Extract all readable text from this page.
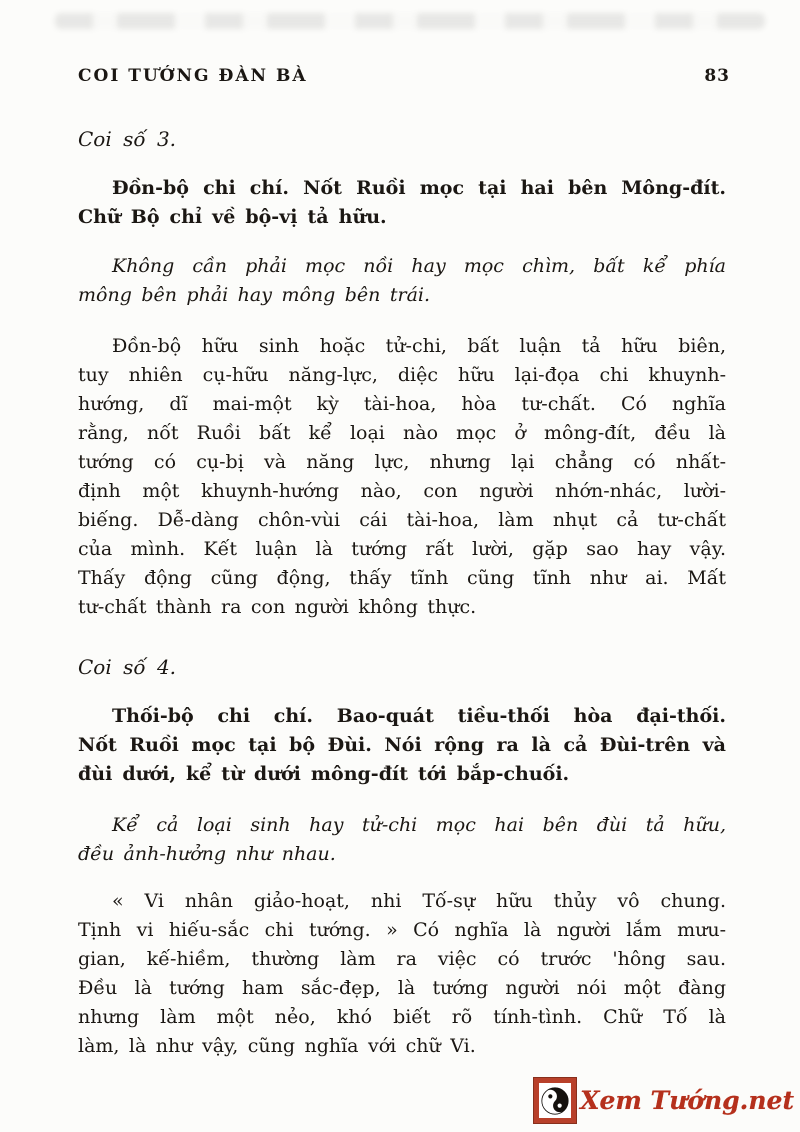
COI TƯỚNG ĐÀN BÀ	83
Coi số 3.
Đồn-bộ chi chí. Nốt Ruồi mọc tại hai bên Mông-đít.
Chữ Bộ chỉ về bộ-vị tả hữu.
Không cần phải mọc nồi hay mọc chìm, bất kể phía
mông bên phải hay mông bên trái.
Đồn-bộ hữu sinh hoặc tử-chi, bất luận tả hữu biên,
tuy nhiên cụ-hữu năng-lực, diệc hữu lại-đọa chi khuynh-
hướng, dĩ mai-một kỳ tài-hoa, hòa tư-chất. Có nghĩa
rằng, nốt Ruồi bất kể loại nào mọc ở mông-đít, đều là
tướng có cụ-bị và năng lực, nhưng lại chẳng có nhất-
định một khuynh-hướng nào, con người nhớn-nhác, lười-
biếng. Dễ-dàng chôn-vùi cái tài-hoa, làm nhụt cả tư-chất
của mình. Kết luận là tướng rất lười, gặp sao hay vậy.
Thấy động cũng động, thấy tĩnh cũng tĩnh như ai. Mất
tư-chất thành ra con người không thực.
Coi số 4.
Thối-bộ chi chí. Bao-quát tiều-thối hòa đại-thối.
Nốt Ruồi mọc tại bộ Đùi. Nói rộng ra là cả Đùi-trên và
đùi dưới, kể từ dưới mông-đít tới bắp-chuối.
Kể cả loại sinh hay tử-chi mọc hai bên đùi tả hữu,
đều ảnh-hưởng như nhau.
« Vi nhân giảo-hoạt, nhi Tố-sự hữu thủy vô chung.
Tịnh vi hiếu-sắc chi tướng. » Có nghĩa là người lắm mưu-
gian, kế-hiềm, thường làm ra việc có trước 'hông sau.
Đều là tướng ham sắc-đẹp, là tướng người nói một đàng
nhưng làm một nẻo, khó biết rõ tính-tình. Chữ Tố là
làm, là như vậy, cũng nghĩa với chữ Vi.
Xem Tướng.net
